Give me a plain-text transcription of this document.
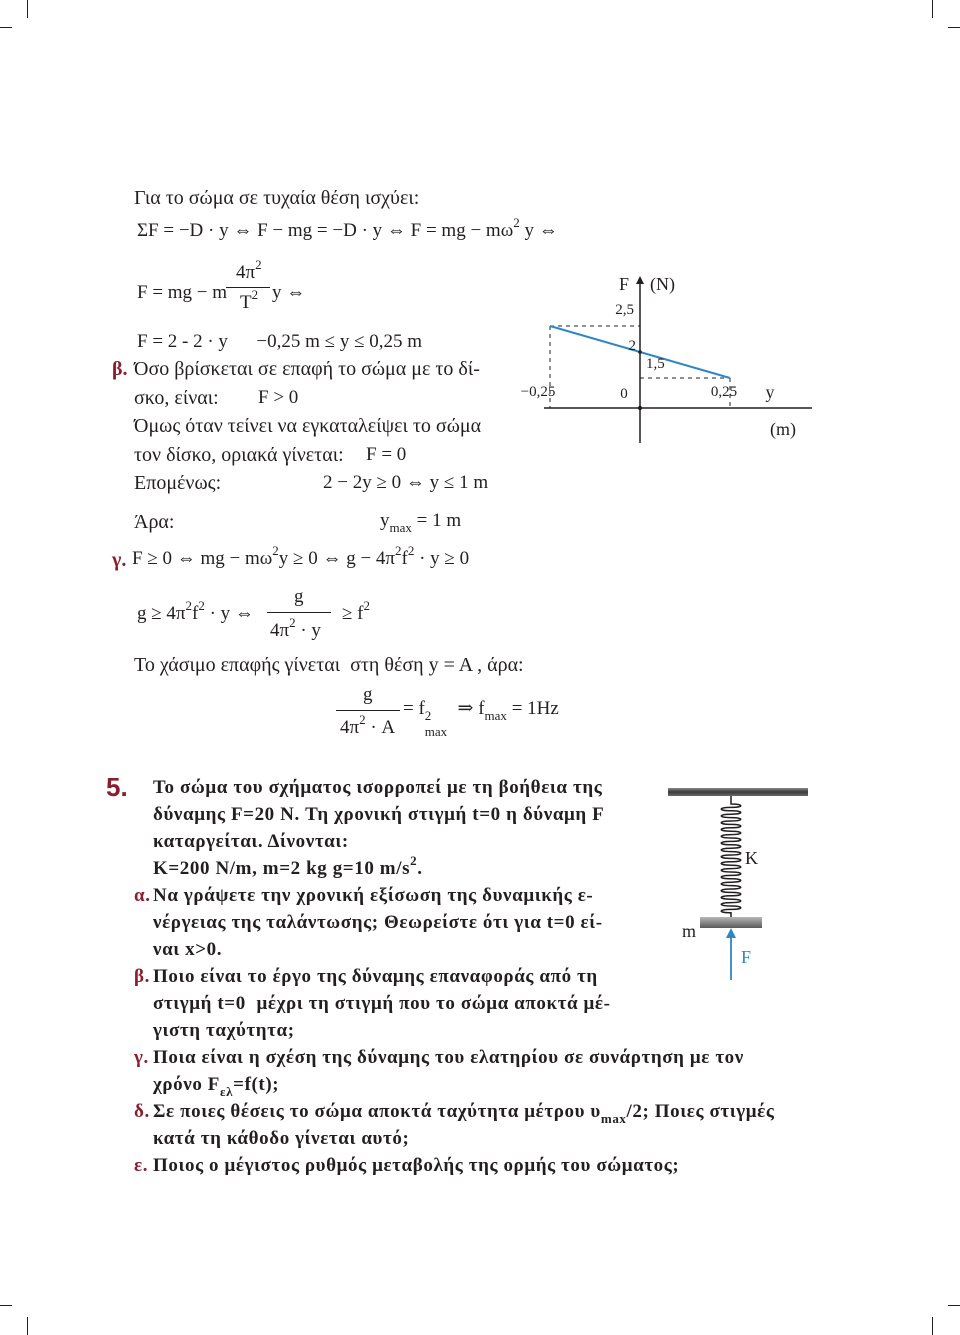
Για το σώμα σε τυχαία θέση ισχύει:
ΣF = −D · y ⇔ F − mg = −D · y ⇔ F = mg − $m\omega^2$ y ⇔
F = mg − m
$4\pi^2$
$T^2$ y ⇔
F = 2 - 2 · y      −0,25 m ≤ y ≤ 0,25 m
β. Όσο βρίσκεται σε επαφή το σώμα με το δί-
σκο, είναι: F > 0
Όμως όταν τείνει να εγκαταλείψει το σώμα
τον δίσκο, οριακά γίνεται: F = 0
Επομένως:	2 − 2y ≥ 0 ⇔ y ≤ 1 m
Άρα:	$y_{max} = 1$ m
γ. F ≥ 0 ⇔ mg − $m\omega^2y \ge 0$ ⇔ $g - 4\pi^2f^2 \cdot y \ge 0$
$g \ge 4\pi^2f^2 \cdot y$ ⇔
g
$4\pi^2 \cdot y$
≥ $f^2$
Το χάσιμο επαφής γίνεται  στη θέση y = A , άρα:
g
$4\pi^2 \cdot A$
= f 2
max
⇒ $f_{max} = 1Hz$
2,5
2
1,5
−0,25	0	0,25
F (N)
y
(m)
5. Το σώμα του σχήματος ισορροπεί με τη βοήθεια της
δύναμης F=20 N. Τη χρονική στιγμή t=0 η δύναμη F
καταργείται. Δίνονται:
Κ=200 N/m, m=2 kg g=10 $m/s^2$.
α. Να γράψετε την χρονική εξίσωση της δυναμικής ε-
νέργειας της ταλάντωσης; Θεωρείστε ότι για t=0 εί-
ναι x>0.
β. Ποιο είναι το έργο της δύναμης επαναφοράς από τη
στιγμή t=0  μέχρι τη στιγμή που το σώμα αποκτά μέ-
γιστη ταχύτητα;
γ. Ποια είναι η σχέση της δύναμης του ελατηρίου σε συνάρτηση με τον
χρόνο $F_{\varepsilon\lambda}=f(t)$;
δ. Σε ποιες θέσεις το σώμα αποκτά ταχύτητα μέτρου $\upsilon_{max}/2$; Ποιες στιγμές
κατά τη κάθοδο γίνεται αυτό;
ε. Ποιος ο μέγιστος ρυθμός μεταβολής της ορμής του σώματος;
K
m
F
